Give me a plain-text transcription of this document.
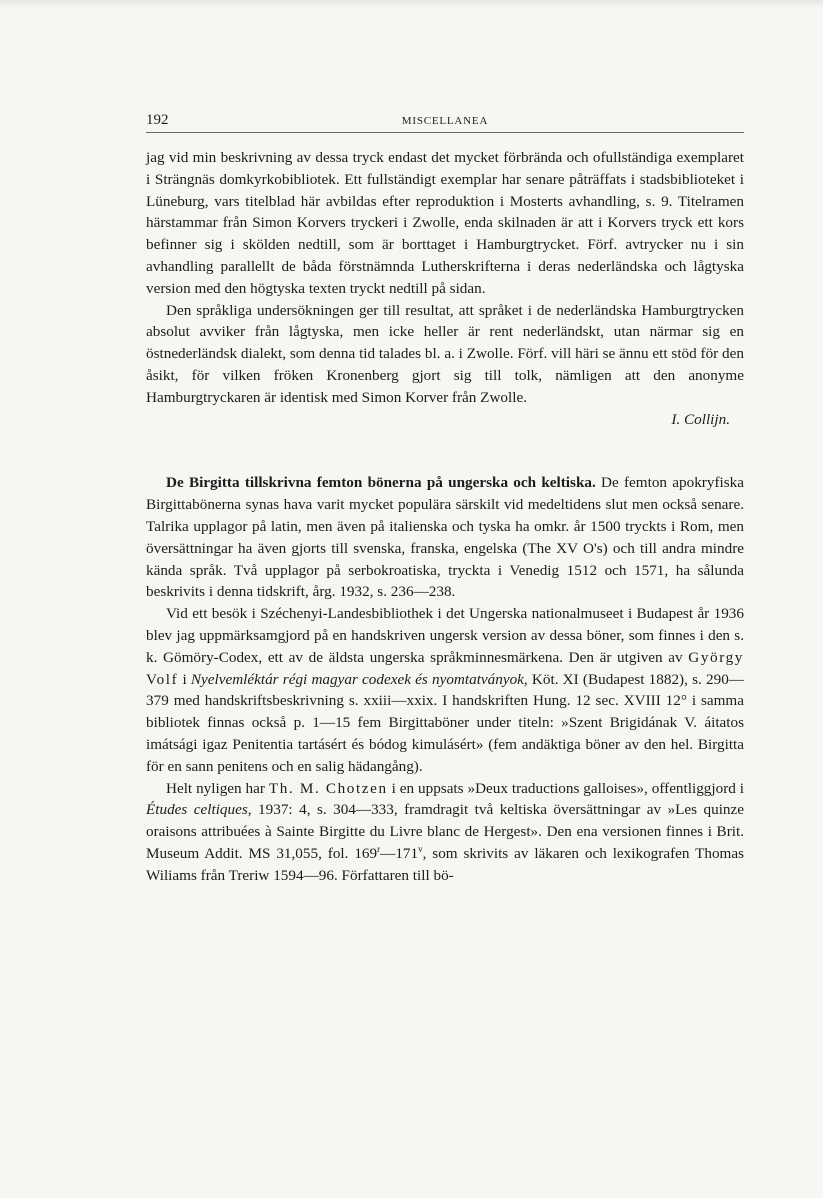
192	MISCELLANEA

jag vid min beskrivning av dessa tryck endast det mycket förbrända och ofullständiga exemplaret i Strängnäs domkyrkobibliotek. Ett fullständigt exemplar har senare påträffats i stadsbiblioteket i Lüneburg, vars titelblad här avbildas efter reproduktion i Mosterts avhandling, s. 9. Titelramen härstammar från Simon Korvers tryckeri i Zwolle, enda skilnaden är att i Korvers tryck ett kors befinner sig i skölden nedtill, som är borttaget i Hamburgtrycket. Förf. avtrycker nu i sin avhandling parallellt de båda förstnämnda Lutherskrifterna i deras nederländska och lågtyska version med den högtyska texten tryckt nedtill på sidan.

Den språkliga undersökningen ger till resultat, att språket i de nederländska Hamburgtrycken absolut avviker från lågtyska, men icke heller är rent nederländskt, utan närmar sig en östnederländsk dialekt, som denna tid talades bl. a. i Zwolle. Förf. vill häri se ännu ett stöd för den åsikt, för vilken fröken Kronenberg gjort sig till tolk, nämligen att den anonyme Hamburgtryckaren är identisk med Simon Korver från Zwolle.

I. Collijn.

De Birgitta tillskrivna femton bönerna på ungerska och keltiska. De femton apokryfiska Birgittabönerna synas hava varit mycket populära särskilt vid medeltidens slut men också senare. Talrika upplagor på latin, men även på italienska och tyska ha omkr. år 1500 tryckts i Rom, men översättningar ha även gjorts till svenska, franska, engelska (The XV O's) och till andra mindre kända språk. Två upplagor på serbokroatiska, tryckta i Venedig 1512 och 1571, ha sålunda beskrivits i denna tidskrift, årg. 1932, s. 236—238.

Vid ett besök i Széchenyi-Landesbibliothek i det Ungerska nationalmuseet i Budapest år 1936 blev jag uppmärksamgjord på en handskriven ungersk version av dessa böner, som finnes i den s. k. Gömöry-Codex, ett av de äldsta ungerska språkminnesmärkena. Den är utgiven av György Volf i Nyelvemléktár régi magyar codexek és nyomtatványok, Köt. XI (Budapest 1882), s. 290—379 med handskriftsbeskrivning s. xxiii—xxix. I handskriften Hung. 12 sec. XVIII 12° i samma bibliotek finnas också p. 1—15 fem Birgittaböner under titeln: »Szent Brigidának V. áitatos imátsági igaz Penitentia tartásért és bódog kimulásért» (fem andäktiga böner av den hel. Birgitta för en sann penitens och en salig hädangång).

Helt nyligen har Th. M. Chotzen i en uppsats »Deux traductions galloises», offentliggjord i Études celtiques, 1937: 4, s. 304—333, framdragit två keltiska översättningar av »Les quinze oraisons attribuées à Sainte Birgitte du Livre blanc de Hergest». Den ena versionen finnes i Brit. Museum Addit. MS 31,055, fol. 169$^r$—171$^v$, som skrivits av läkaren och lexikografen Thomas Wiliams från Treriw 1594—96. Författaren till bö-
